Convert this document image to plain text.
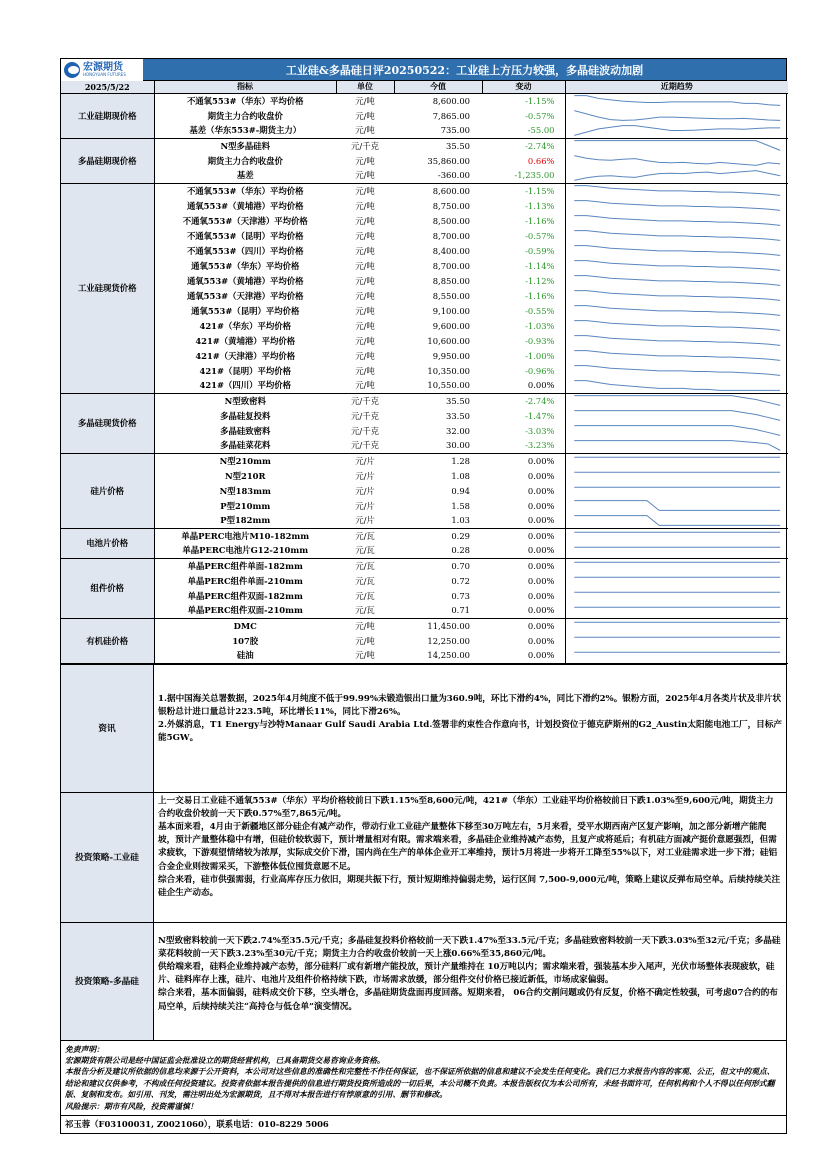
宏源期货
HONGYUAN FUTURES	工业硅&多晶硅日评20250522：工业硅上方压力较强，多晶硅波动加剧
2025/5/22	指标	单位	今值	变动	近期趋势
工业硅期现价格	不通氧553#（华东）平均价格	元/吨	8,600.00	-1.15%	

	期货主力合约收盘价	元/吨	7,865.00	-0.57%	

	基差（华东553#-期货主力）	元/吨	735.00	-55.00	

多晶硅期现价格	N型多晶硅料	元/千克	35.50	-2.74%	

	期货主力合约收盘价	元/吨	35,860.00	0.66%	

	基差	元/吨	-360.00	-1,235.00	

工业硅现货价格	不通氧553#（华东）平均价格	元/吨	8,600.00	-1.15%	

	通氧553#（黄埔港）平均价格	元/吨	8,750.00	-1.13%	

	不通氧553#（天津港）平均价格	元/吨	8,500.00	-1.16%	

	不通氧553#（昆明）平均价格	元/吨	8,700.00	-0.57%	

	不通氧553#（四川）平均价格	元/吨	8,400.00	-0.59%	

	通氧553#（华东）平均价格	元/吨	8,700.00	-1.14%	

	通氧553#（黄埔港）平均价格	元/吨	8,850.00	-1.12%	

	通氧553#（天津港）平均价格	元/吨	8,550.00	-1.16%	

	通氧553#（昆明）平均价格	元/吨	9,100.00	-0.55%	

	421#（华东）平均价格	元/吨	9,600.00	-1.03%	

	421#（黄埔港）平均价格	元/吨	10,600.00	-0.93%	

	421#（天津港）平均价格	元/吨	9,950.00	-1.00%	

	421#（昆明）平均价格	元/吨	10,350.00	-0.96%	

	421#（四川）平均价格	元/吨	10,550.00	0.00%	

多晶硅现货价格	N型致密料	元/千克	35.50	-2.74%	

	多晶硅复投料	元/千克	33.50	-1.47%	

	多晶硅致密料	元/千克	32.00	-3.03%	

	多晶硅菜花料	元/千克	30.00	-3.23%	

硅片价格	N型210mm	元/片	1.28	0.00%	

	N型210R	元/片	1.08	0.00%	

	N型183mm	元/片	0.94	0.00%	

	P型210mm	元/片	1.58	0.00%	

	P型182mm	元/片	1.03	0.00%	

电池片价格	单晶PERC电池片M10-182mm	元/瓦	0.29	0.00%	

	单晶PERC电池片G12-210mm	元/瓦	0.28	0.00%	

组件价格	单晶PERC组件单面-182mm	元/瓦	0.70	0.00%	

	单晶PERC组件单面-210mm	元/瓦	0.72	0.00%	

	单晶PERC组件双面-182mm	元/瓦	0.73	0.00%	

	单晶PERC组件双面-210mm	元/瓦	0.71	0.00%	

有机硅价格	DMC	元/吨	11,450.00	0.00%	

	107胶	元/吨	12,250.00	0.00%	

	硅油	元/吨	14,250.00	0.00%	
资讯

1.据中国海关总署数据，2025年4月纯度不低于99.99%未锻造银出口量为360.9吨，环比下滑约4%，同比下滑约2%。银粉方面，2025年4月各类片状及非片状银粉总计进口量总计223.5吨，环比增长11%，同比下滑26%。

2.外媒消息，T1 Energy与沙特Manaar Gulf Saudi Arabia Ltd.签署非约束性合作意向书，计划投资位于德克萨斯州的G2_Austin太阳能电池工厂，目标产能5GW。

投资策略-工业硅

上一交易日工业硅不通氧553#（华东）平均价格较前日下跌1.15%至8,600元/吨，421#（华东）工业硅平均价格较前日下跌1.03%至9,600元/吨，期货主力合约收盘价较前一天下跌0.57%至7,865元/吨。

基本面来看，4月由于新疆地区部分硅企有减产动作，带动行业工业硅产量整体下移至30万吨左右，5月来看，受平水期西南产区复产影响，加之部分新增产能爬坡，预计产量整体稳中有增，但硅价较软弱下，预计增量相对有限。需求端来看，多晶硅企业维持减产态势，且复产或将延后；有机硅方面减产挺价意愿强烈，但需求疲软，下游观望情绪较为浓厚，实际成交价下滑，国内尚在生产的单体企业开工率维持，预计5月将进一步将开工降至55%以下，对工业硅需求进一步下滑；硅铝合金企业则按需采买，下游整体低位囤货意愿不足。

综合来看，硅市供强需弱，行业高库存压力依旧，期现共振下行，预计短期维持偏弱走势，运行区间 7,500-9,000元/吨，策略上建议反弹布局空单。后续持续关注硅企生产动态。

投资策略-多晶硅

N型致密料较前一天下跌2.74%至35.5元/千克；多晶硅复投料价格较前一天下跌1.47%至33.5元/千克；多晶硅致密料较前一天下跌3.03%至32元/千克；多晶硅菜花料较前一天下跌3.23%至30元/千克；期货主力合约收盘价较前一天上涨0.66%至35,860元/吨。

供给端来看，硅料企业维持减产态势，部分硅料厂或有新增产能投放，预计产量维持在 10万吨以内；需求端来看，强装基本步入尾声，光伏市场整体表现疲软，硅片、硅料库存上涨，硅片、电池片及组件价格持续下跌，市场需求放缓，部分组件交付价格已接近新低，市场成家偏弱。

综合来看，基本面偏弱，硅料成交价下移，空头增仓，多晶硅期货盘面再度回落。短期来看， 06合约交割问题或仍有反复，价格不确定性较强，可考虑07合约的布局空单，后续持续关注“高持仓与低仓单”演变情况。

免责声明：

宏源期货有限公司是经中国证监会批准设立的期货经营机构，已具备期货交易咨询业务资格。

本报告分析及建议所依据的信息均来源于公开资料，本公司对这些信息的准确性和完整性不作任何保证，也不保证所依据的信息和建议不会发生任何变化。我们已力求报告内容的客观、公正，但文中的观点、结论和建议仅供参考，不构成任何投资建议。投资者依据本报告提供的信息进行期货投资所造成的一切后果，本公司概不负责。本报告版权仅为本公司所有，未经书面许可，任何机构和个人不得以任何形式翻版、复制和发布。如引用、刊发，需注明出处为宏源期货，且不得对本报告进行有悖原意的引用、删节和修改。

风险提示：期市有风险，投资需谨慎！

祁玉蓉（F03100031, Z0021060），联系电话：010-8229 5006
